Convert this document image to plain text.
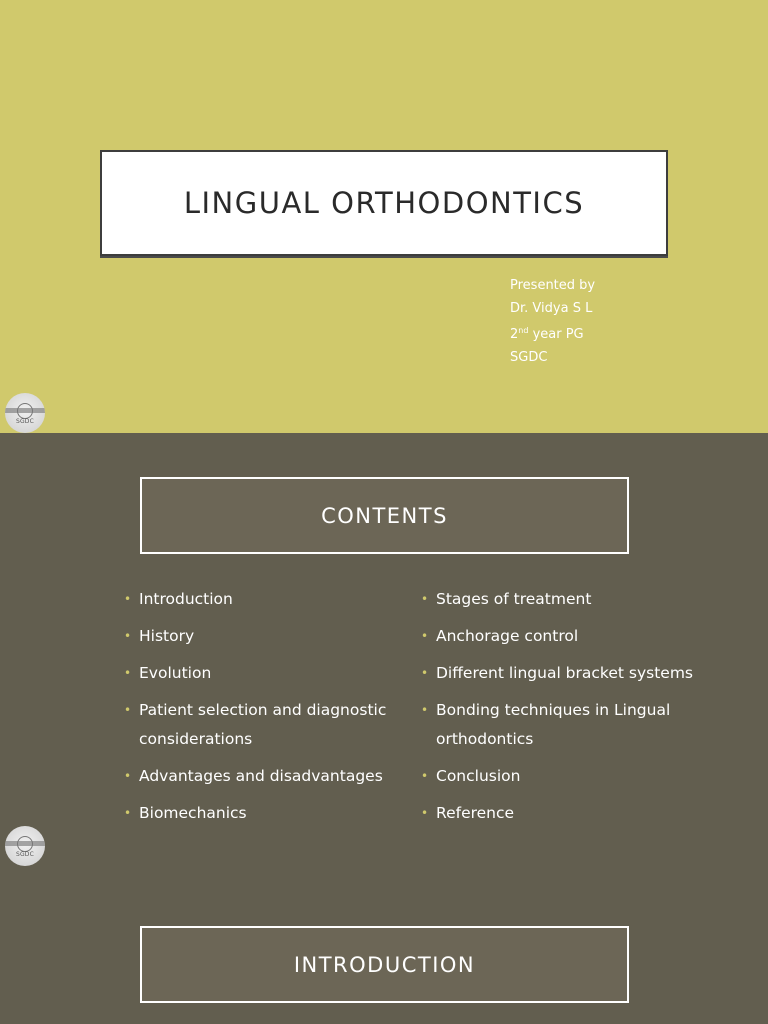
LINGUAL ORTHODONTICS
Presented by
Dr. Vidya S L
2nd year PG
SGDC
SGDC
CONTENTS
• Introduction
• History
• Evolution
• Patient selection and diagnostic considerations
• Advantages and disadvantages
• Biomechanics
• Stages of treatment
• Anchorage control
• Different lingual bracket systems
• Bonding techniques in Lingual orthodontics
• Conclusion
• Reference
SGDC
INTRODUCTION
